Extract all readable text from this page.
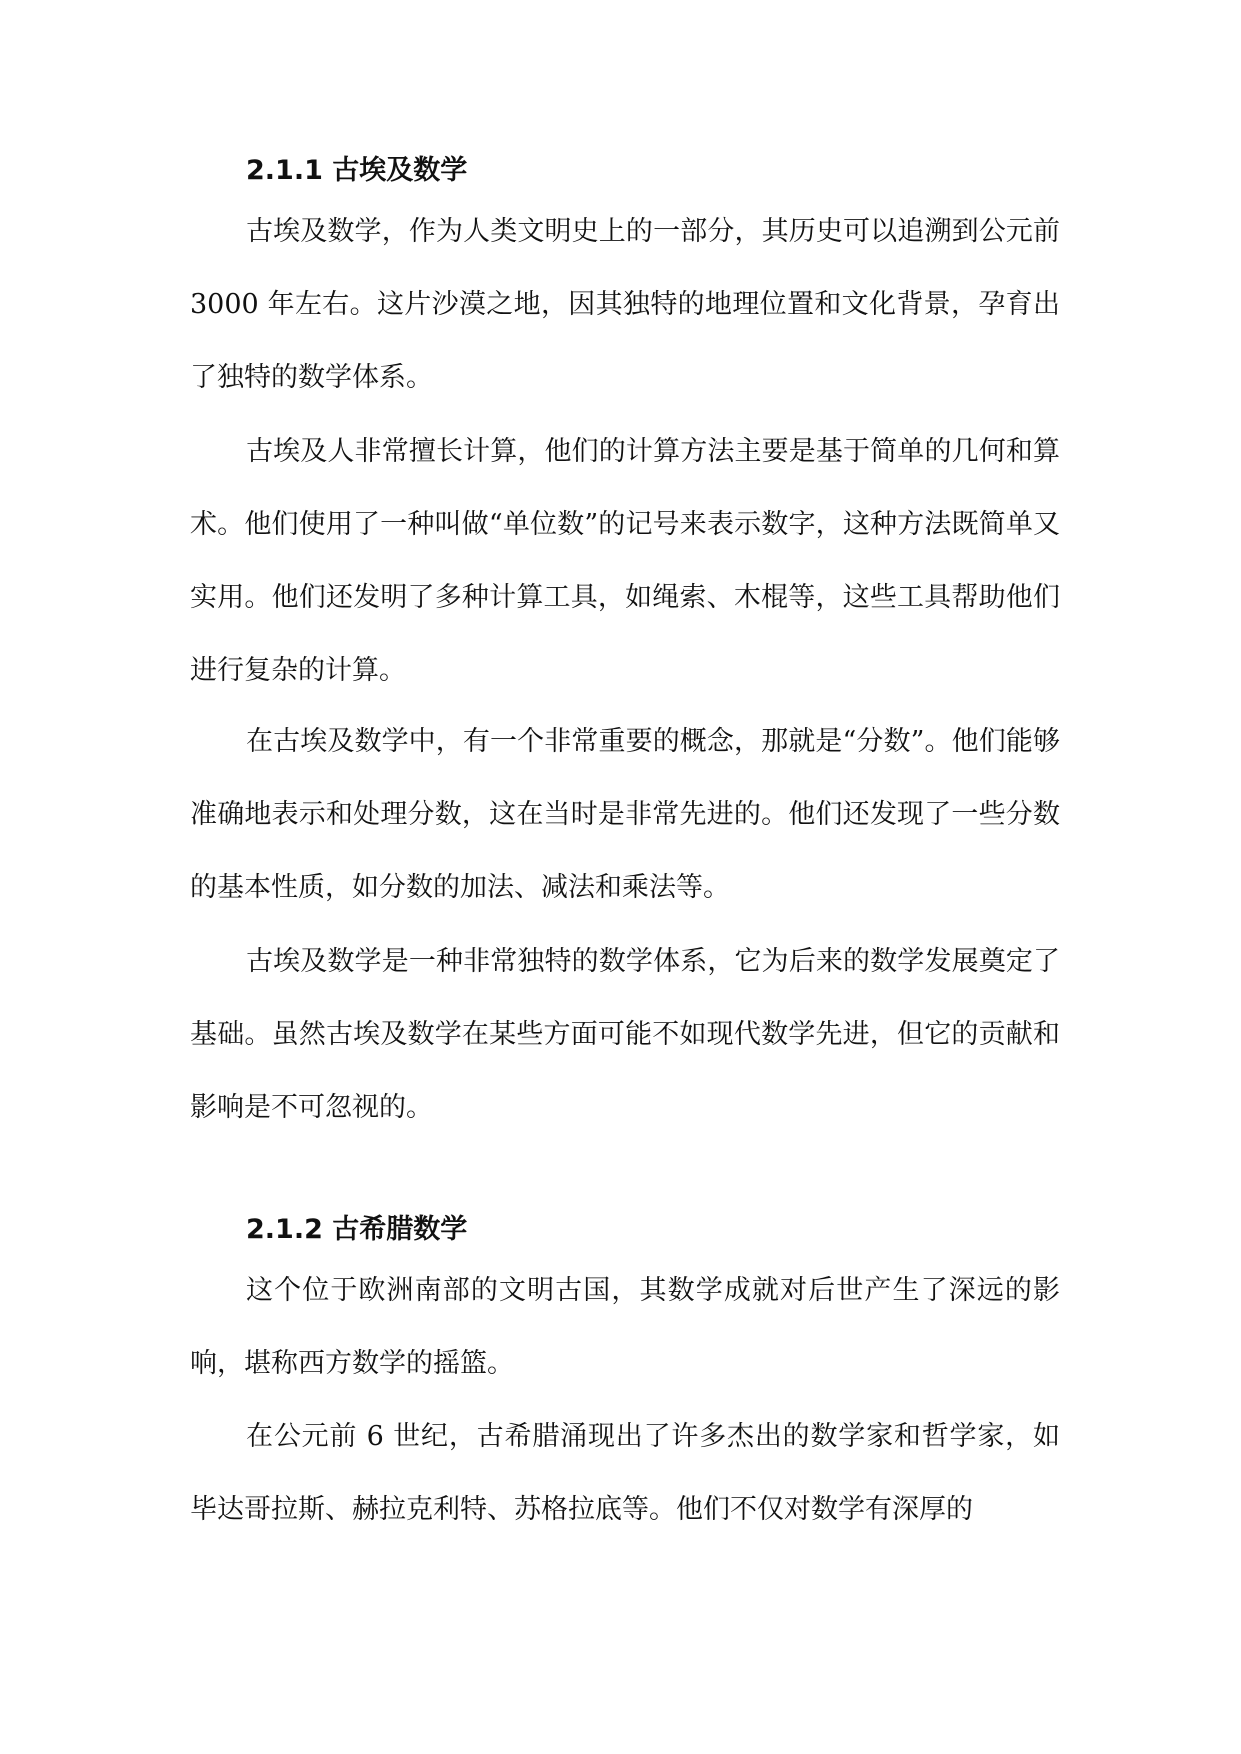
2.1.1 古埃及数学

古埃及数学，作为人类文明史上的一部分，其历史可以追溯到公元前 3000 年左右。这片沙漠之地，因其独特的地理位置和文化背景，孕育出了独特的数学体系。

古埃及人非常擅长计算，他们的计算方法主要是基于简单的几何和算术。他们使用了一种叫做“单位数”的记号来表示数字，这种方法既简单又实用。他们还发明了多种计算工具，如绳索、木棍等，这些工具帮助他们进行复杂的计算。

在古埃及数学中，有一个非常重要的概念，那就是“分数”。他们能够准确地表示和处理分数，这在当时是非常先进的。他们还发现了一些分数的基本性质，如分数的加法、减法和乘法等。

古埃及数学是一种非常独特的数学体系，它为后来的数学发展奠定了基础。虽然古埃及数学在某些方面可能不如现代数学先进，但它的贡献和影响是不可忽视的。

2.1.2 古希腊数学

这个位于欧洲南部的文明古国，其数学成就对后世产生了深远的影响，堪称西方数学的摇篮。

在公元前 6 世纪，古希腊涌现出了许多杰出的数学家和哲学家，如毕达哥拉斯、赫拉克利特、苏格拉底等。他们不仅对数学有深厚的
